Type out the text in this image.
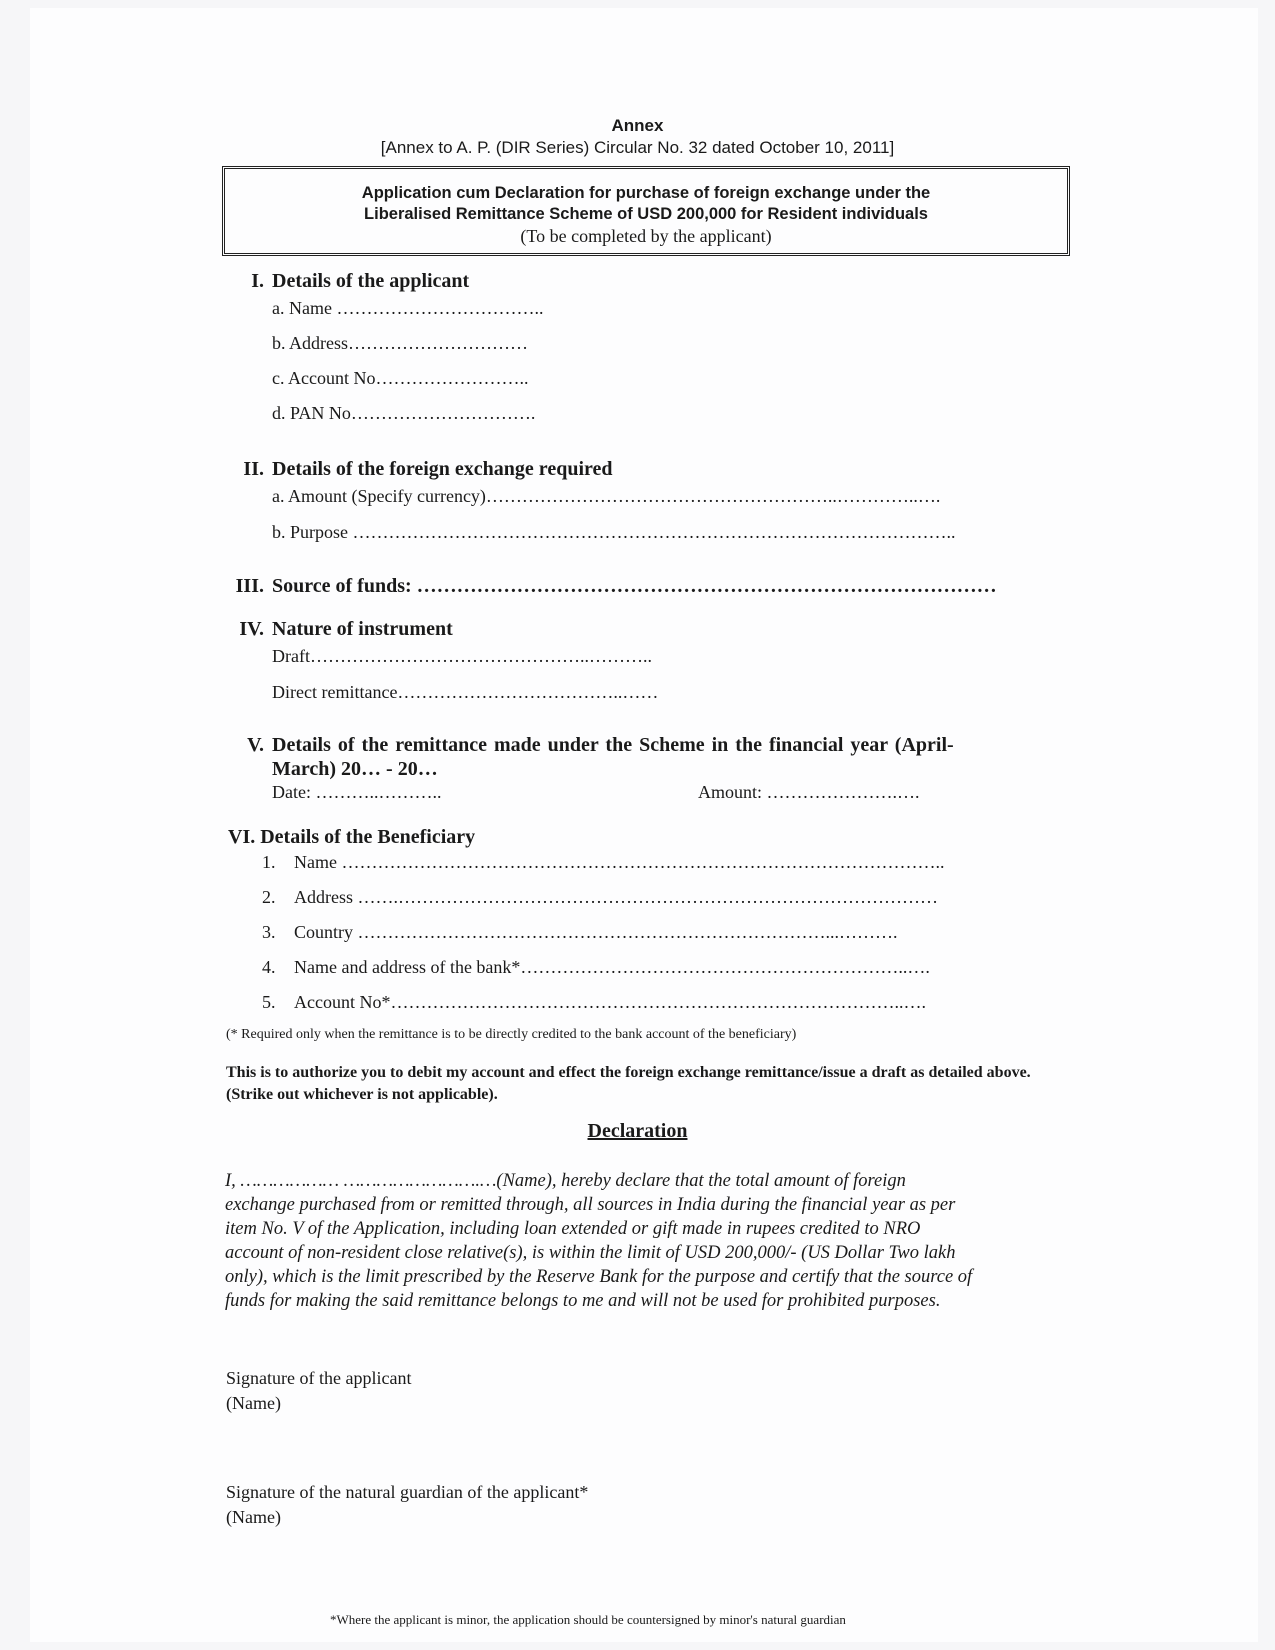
Annex
[Annex to A. P. (DIR Series) Circular No. 32 dated October 10, 2011]
Application cum Declaration for purchase of foreign exchange under the
Liberalised Remittance Scheme of USD 200,000 for Resident individuals
(To be completed by the applicant)
I. Details of the applicant
a. Name ……………………………..
b. Address…………………………
c. Account No……………………..
d. PAN No………………………….
II. Details of the foreign exchange required
a. Amount (Specify currency)…………………………………………………..…………..….
b. Purpose ………………………………………………………………………………………..
III. Source of funds: ……………………………………………………………………………
IV. Nature of instrument
Draft………………………………………..………..
Direct remittance………………………………..……
V. Details of the remittance made under the Scheme in the financial year (April-
March) 20… - 20…
Date: ………..………..	Amount: ………………….….
VI. Details of the Beneficiary
1. Name ………………………………………………………………………………………..
2. Address …….………………………………………………………………………………
3. Country ……………………………………………………………………...……….
4. Name and address of the bank*………………………………………………………..….
5. Account No*…………………………………………………………………………..….
(* Required only when the remittance is to be directly credited to the bank account of the beneficiary)
This is to authorize you to debit my account and effect the foreign exchange remittance/issue a draft as detailed above. (Strike out whichever is not applicable).
Declaration
I, ……………… …………………….…(Name), hereby declare that the total amount of foreign
exchange purchased from or remitted through, all sources in India during the financial year as per
item No. V of the Application, including loan extended or gift made in rupees credited to NRO
account of non-resident close relative(s), is within the limit of USD 200,000/- (US Dollar Two lakh
only), which is the limit prescribed by the Reserve Bank for the purpose and certify that the source of
funds for making the said remittance belongs to me and will not be used for prohibited purposes.
Signature of the applicant
(Name)
Signature of the natural guardian of the applicant*
(Name)
*Where the applicant is minor, the application should be countersigned by minor's natural guardian
